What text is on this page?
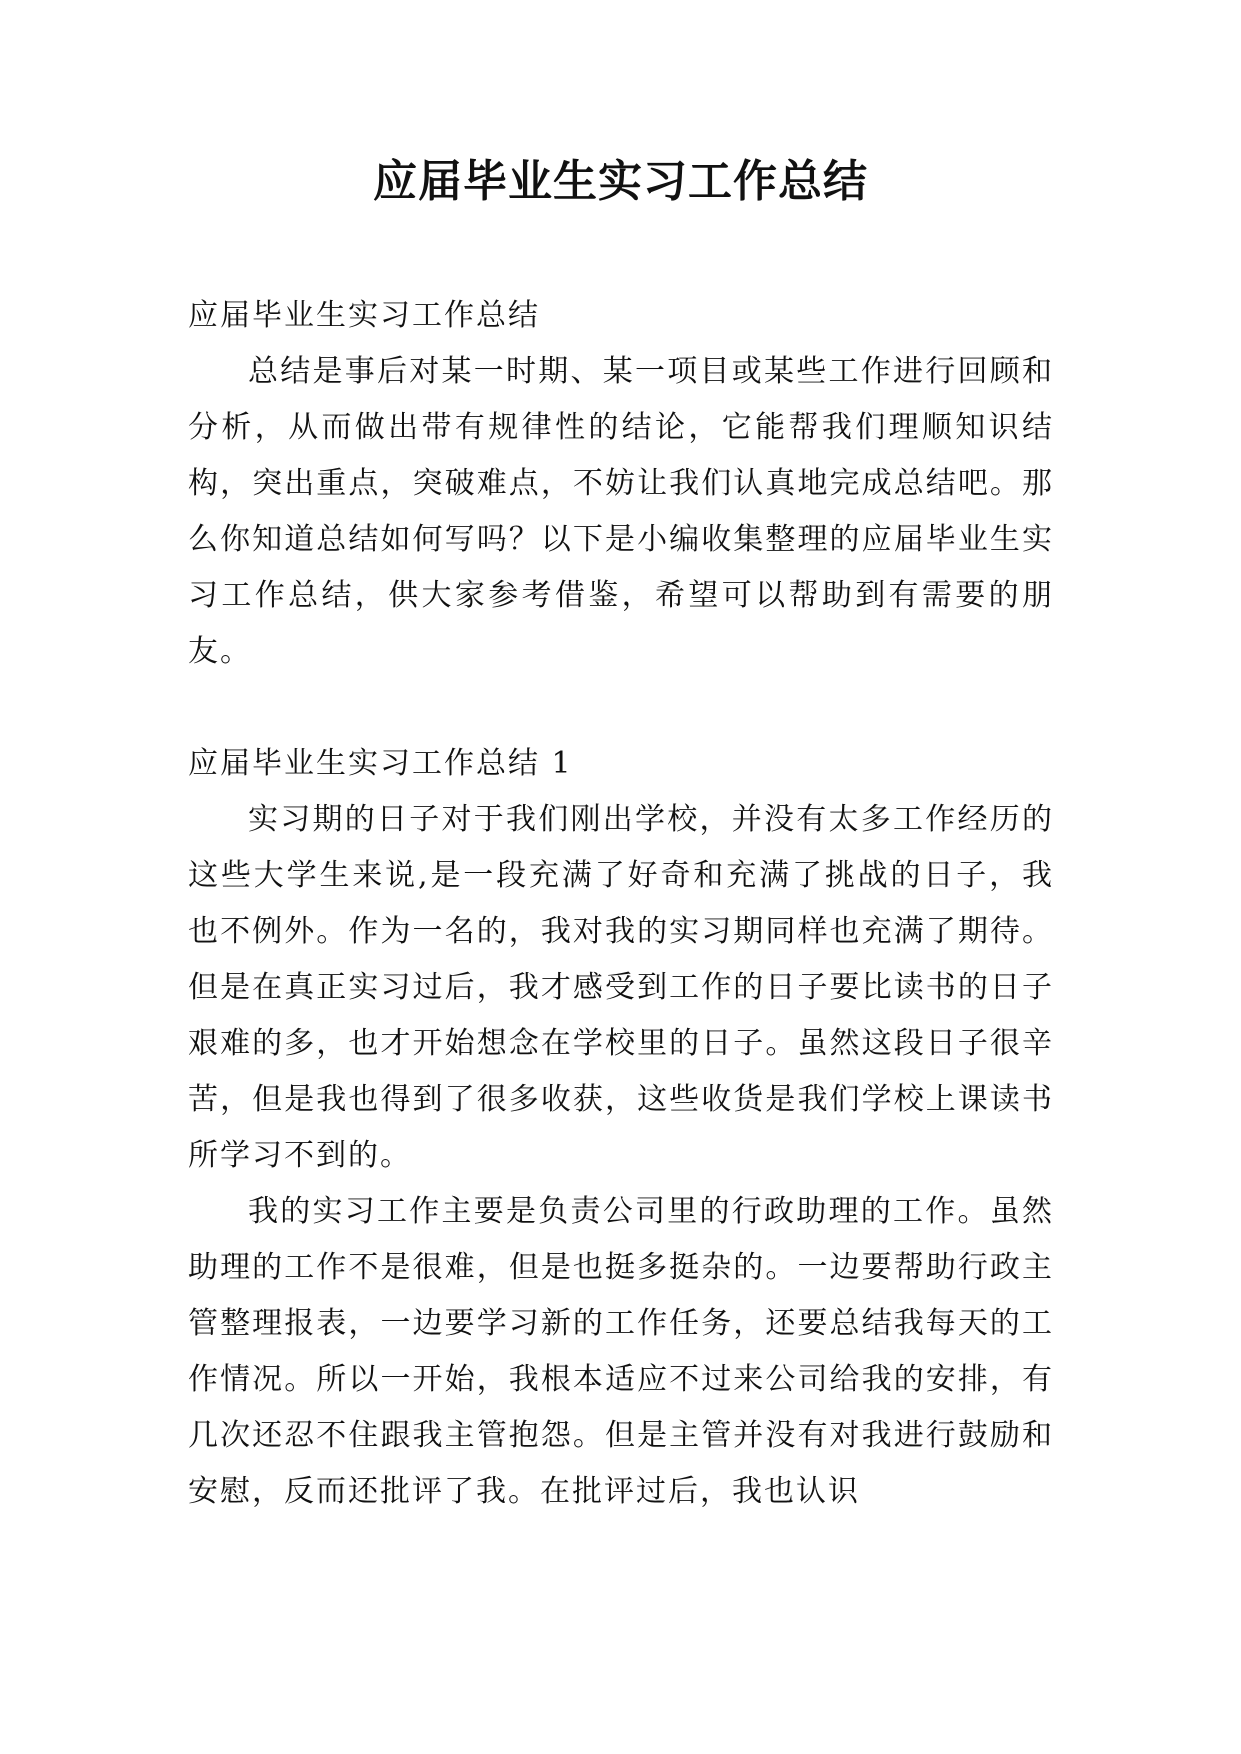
应届毕业生实习工作总结

应届毕业生实习工作总结

总结是事后对某一时期、某一项目或某些工作进行回顾和分析，从而做出带有规律性的结论，它能帮我们理顺知识结构，突出重点，突破难点，不妨让我们认真地完成总结吧。那么你知道总结如何写吗？以下是小编收集整理的应届毕业生实习工作总结，供大家参考借鉴，希望可以帮助到有需要的朋友。

应届毕业生实习工作总结 1

实习期的日子对于我们刚出学校，并没有太多工作经历的这些大学生来说,是一段充满了好奇和充满了挑战的日子，我也不例外。作为一名的，我对我的实习期同样也充满了期待。但是在真正实习过后，我才感受到工作的日子要比读书的日子艰难的多，也才开始想念在学校里的日子。虽然这段日子很辛苦，但是我也得到了很多收获，这些收货是我们学校上课读书所学习不到的。

我的实习工作主要是负责公司里的行政助理的工作。虽然助理的工作不是很难，但是也挺多挺杂的。一边要帮助行政主管整理报表，一边要学习新的工作任务，还要总结我每天的工作情况。所以一开始，我根本适应不过来公司给我的安排，有几次还忍不住跟我主管抱怨。但是主管并没有对我进行鼓励和安慰，反而还批评了我。在批评过后，我也认识
